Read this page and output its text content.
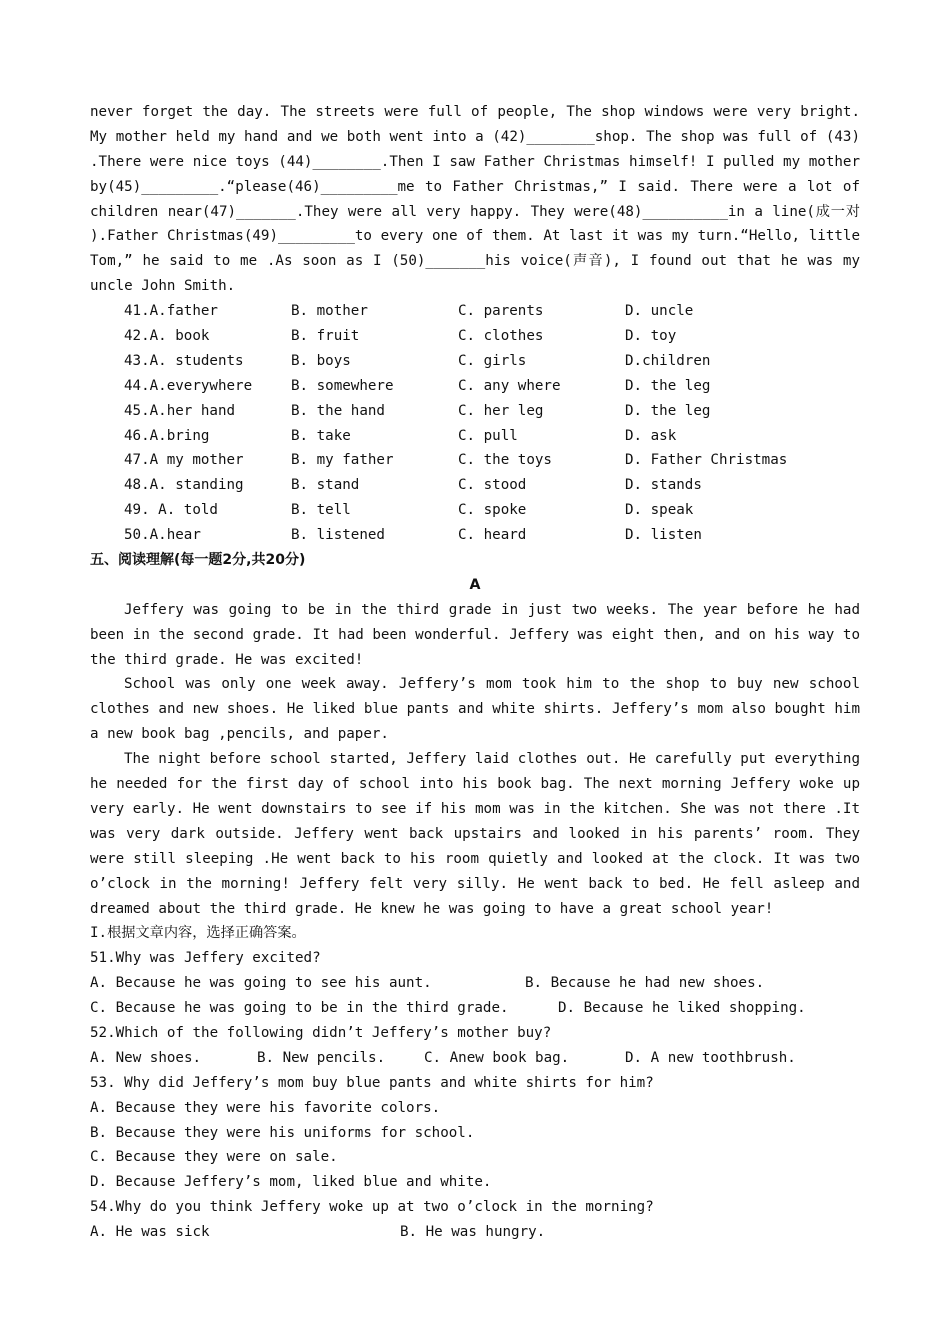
never forget the day. The streets were full of people, The shop windows were very bright.
My mother held my hand and we both went into a (42)________shop. The shop was full of (43)
.There were nice toys (44)________.Then I saw Father Christmas himself! I pulled my mother
by(45)_________.“please(46)_________me to Father Christmas,” I said. There were a lot of
children near(47)_______.They were all very happy. They were(48)__________in a line(成一对
).Father Christmas(49)_________to every one of them. At last it was my turn.“Hello, little
Tom,” he said to me .As soon as I (50)_______his voice(声音), I found out that he was my
uncle John Smith.
41.A.father	B. mother	C. parents	D. uncle
42.A. book	B. fruit	C. clothes	D. toy
43.A. students	B. boys	C. girls	D.children
44.A.everywhere	B. somewhere	C. any where	D. the leg
45.A.her hand	B. the hand	C. her leg	D. the leg
46.A.bring	B. take	C. pull	D. ask
47.A my mother	B. my father	C. the toys	D. Father Christmas
48.A. standing	B. stand	C. stood	D. stands
49. A. told	B. tell	C. spoke	D. speak
50.A.hear	B. listened	C. heard	D. listen
五、阅读理解(每一题2分,共20分)
A
Jeffery was going to be in the third grade in just two weeks. The year before he had
been in the second grade. It had been wonderful. Jeffery was eight then, and on his way to
the third grade. He was excited!
School was only one week away. Jeffery’s mom took him to the shop to buy new school
clothes and new shoes. He liked blue pants and white shirts. Jeffery’s mom also bought him
a new book bag ,pencils, and paper.
The night before school started, Jeffery laid clothes out. He carefully put everything
he needed for the first day of school into his book bag. The next morning Jeffery woke up
very early. He went downstairs to see if his mom was in the kitchen. She was not there .It
was very dark outside. Jeffery went back upstairs and looked in his parents’ room. They
were still sleeping .He went back to his room quietly and looked at the clock. It was two
o’clock in the morning! Jeffery felt very silly. He went back to bed. He fell asleep and
dreamed about the third grade. He knew he was going to have a great school year!
I.根据文章内容，选择正确答案。
51.Why was Jeffery excited?
A. Because he was going to see his aunt.	B. Because he had new shoes.
C. Because he was going to be in the third grade.	D. Because he liked shopping.
52.Which of the following didn’t Jeffery’s mother buy?
A. New shoes.	B. New pencils.	C. Anew book bag.	D. A new toothbrush.
53. Why did Jeffery’s mom buy blue pants and white shirts for him?
A. Because they were his favorite colors.
B. Because they were his uniforms for school.
C. Because they were on sale.
D. Because Jeffery’s mom, liked blue and white.
54.Why do you think Jeffery woke up at two o’clock in the morning?
A. He was sick	B. He was hungry.
